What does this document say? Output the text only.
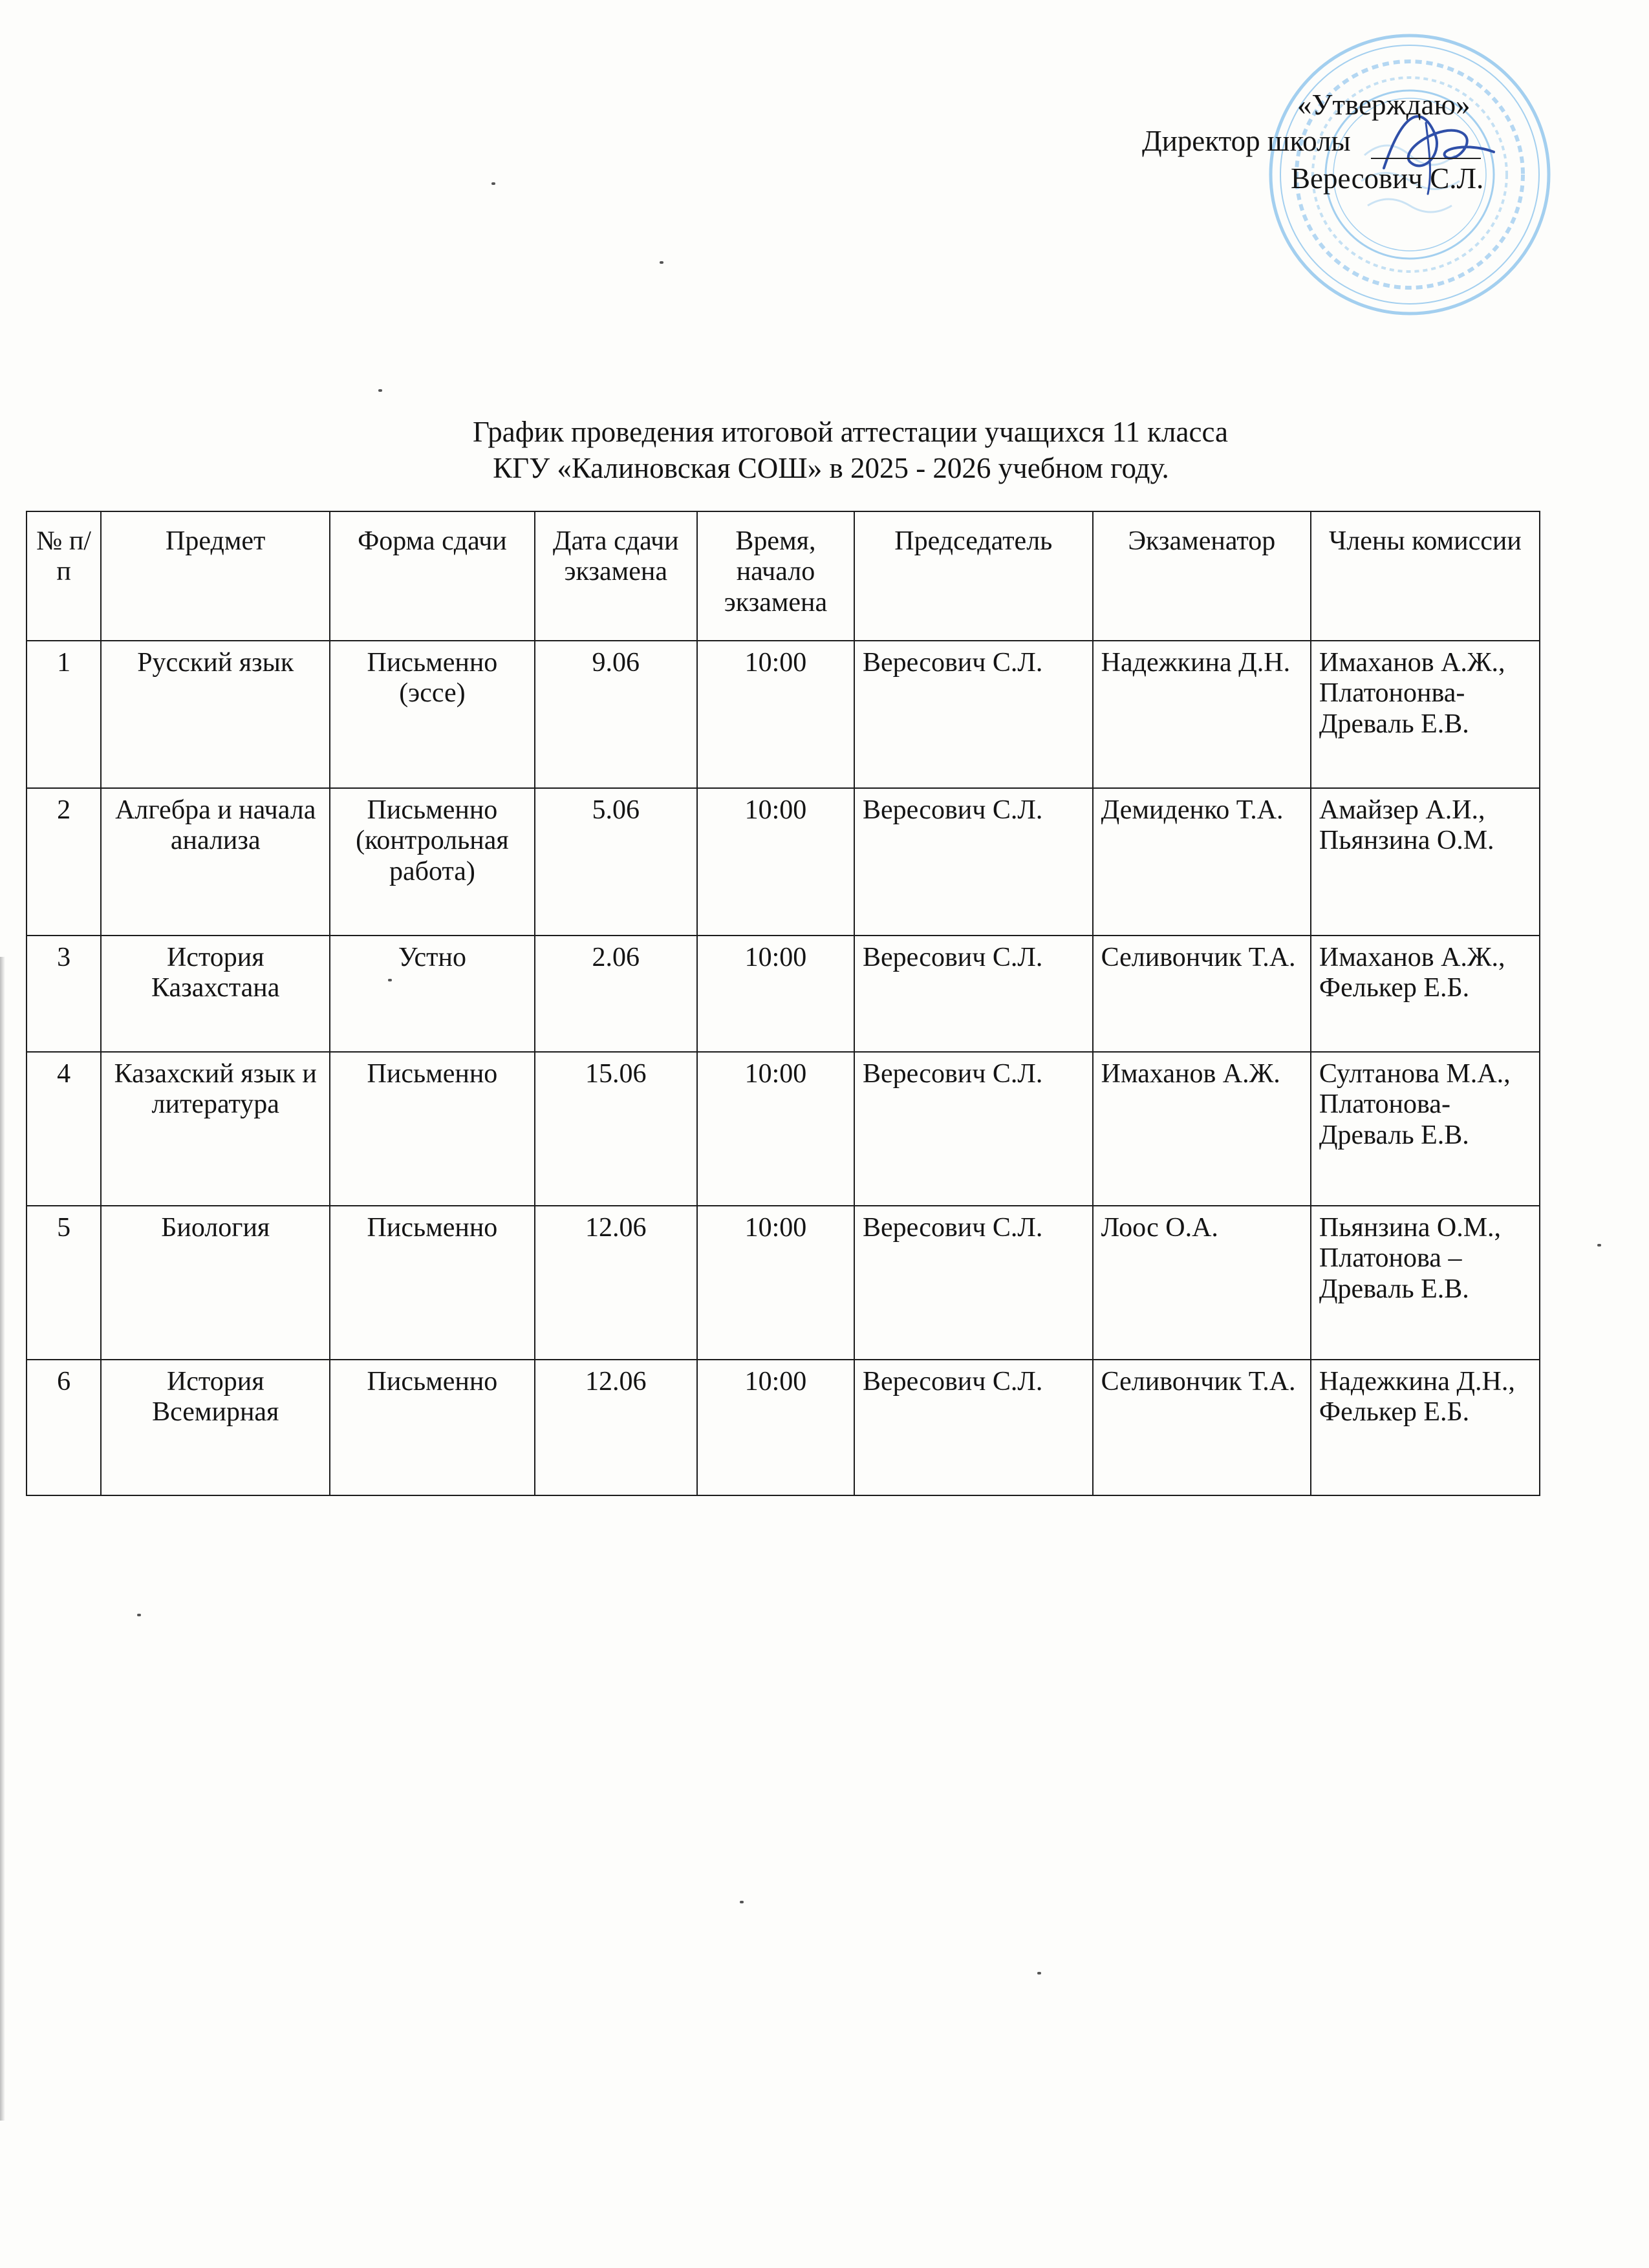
«Утверждаю»
Директор школы
Вересович С.Л.
График проведения итоговой аттестации учащихся 11 класса
КГУ «Калиновская СОШ» в 2025 - 2026 учебном году.
№ п/п	Предмет	Форма сдачи	Дата сдачи экзамена	Время, начало экзамена	Председатель	Экзаменатор	Члены комиссии
1	Русский язык	Письменно (эссе)	9.06	10:00	Вересович С.Л.	Надежкина Д.Н.	Имаханов А.Ж., Платононва-Древаль Е.В.
2	Алгебра и начала анализа	Письменно (контрольная работа)	5.06	10:00	Вересович С.Л.	Демиденко Т.А.	Амайзер А.И., Пьянзина О.М.
3	История Казахстана	Устно	2.06	10:00	Вересович С.Л.	Селивончик Т.А.	Имаханов А.Ж., Фелькер Е.Б.
4	Казахский язык и литература	Письменно	15.06	10:00	Вересович С.Л.	Имаханов А.Ж.	Султанова М.А., Платонова-Древаль Е.В.
5	Биология	Письменно	12.06	10:00	Вересович С.Л.	Лоос О.А.	Пьянзина О.М., Платонова – Древаль Е.В.
6	История Всемирная	Письменно	12.06	10:00	Вересович С.Л.	Селивончик Т.А.	Надежкина Д.Н., Фелькер Е.Б.
